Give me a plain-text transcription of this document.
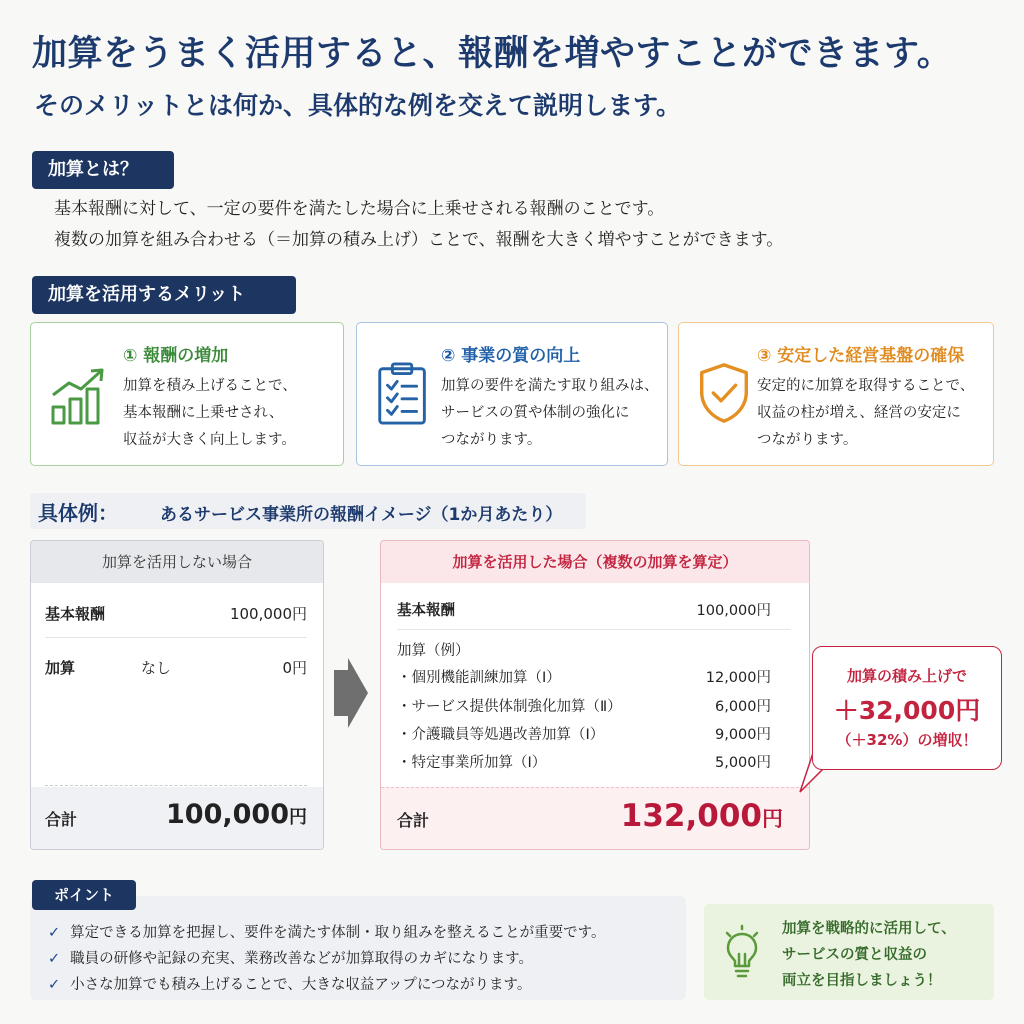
加算をうまく活用すると、報酬を増やすことができます。
そのメリットとは何か、具体的な例を交えて説明します。
加算とは？
基本報酬に対して、一定の要件を満たした場合に上乗せされる報酬のことです。
複数の加算を組み合わせる（＝加算の積み上げ）ことで、報酬を大きく増やすことができます。
加算を活用するメリット
① 報酬の増加
加算を積み上げることで、
基本報酬に上乗せされ、
収益が大きく向上します。
② 事業の質の向上
加算の要件を満たす取り組みは、
サービスの質や体制の強化に
つながります。
③ 安定した経営基盤の確保
安定的に加算を取得することで、
収益の柱が増え、経営の安定に
つながります。
具体例： あるサービス事業所の報酬イメージ（1か月あたり）
加算を活用しない場合
基本報酬	100,000円
加算	なし	0円
合計	100,000円
加算を活用した場合（複数の加算を算定）
基本報酬	100,000円
加算（例）
・個別機能訓練加算（Ⅰ）	12,000円
・サービス提供体制強化加算（Ⅱ）	6,000円
・介護職員等処遇改善加算（Ⅰ）	9,000円
・特定事業所加算（Ⅰ）	5,000円
合計	132,000円
加算の積み上げで
＋32,000円
（＋32%）の増収！
ポイント
✓ 算定できる加算を把握し、要件を満たす体制・取り組みを整えることが重要です。
✓ 職員の研修や記録の充実、業務改善などが加算取得のカギになります。
✓ 小さな加算でも積み上げることで、大きな収益アップにつながります。
加算を戦略的に活用して、
サービスの質と収益の
両立を目指しましょう！
